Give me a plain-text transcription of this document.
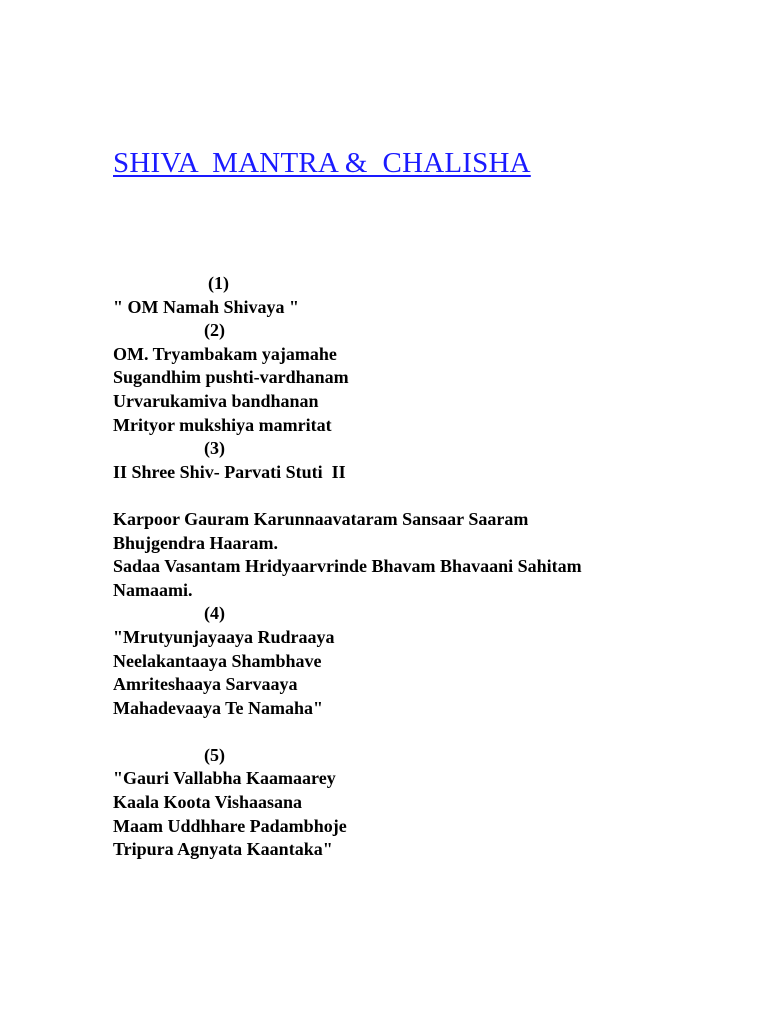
SHIVA  MANTRA &  CHALISHA

(1)

" OM Namah Shivaya "

(2)

OM. Tryambakam yajamahe

Sugandhim pushti-vardhanam

Urvarukamiva bandhanan

Mrityor mukshiya mamritat

(3)

II Shree Shiv- Parvati Stuti  II

Karpoor Gauram Karunnaavataram Sansaar Saaram

Bhujgendra Haaram.

Sadaa Vasantam Hridyaarvrinde Bhavam Bhavaani Sahitam

Namaami.

(4)

"Mrutyunjayaaya Rudraaya

Neelakantaaya Shambhave

Amriteshaaya Sarvaaya

Mahadevaaya Te Namaha"

(5)

"Gauri Vallabha Kaamaarey

Kaala Koota Vishaasana

Maam Uddhhare Padambhoje

Tripura Agnyata Kaantaka"
